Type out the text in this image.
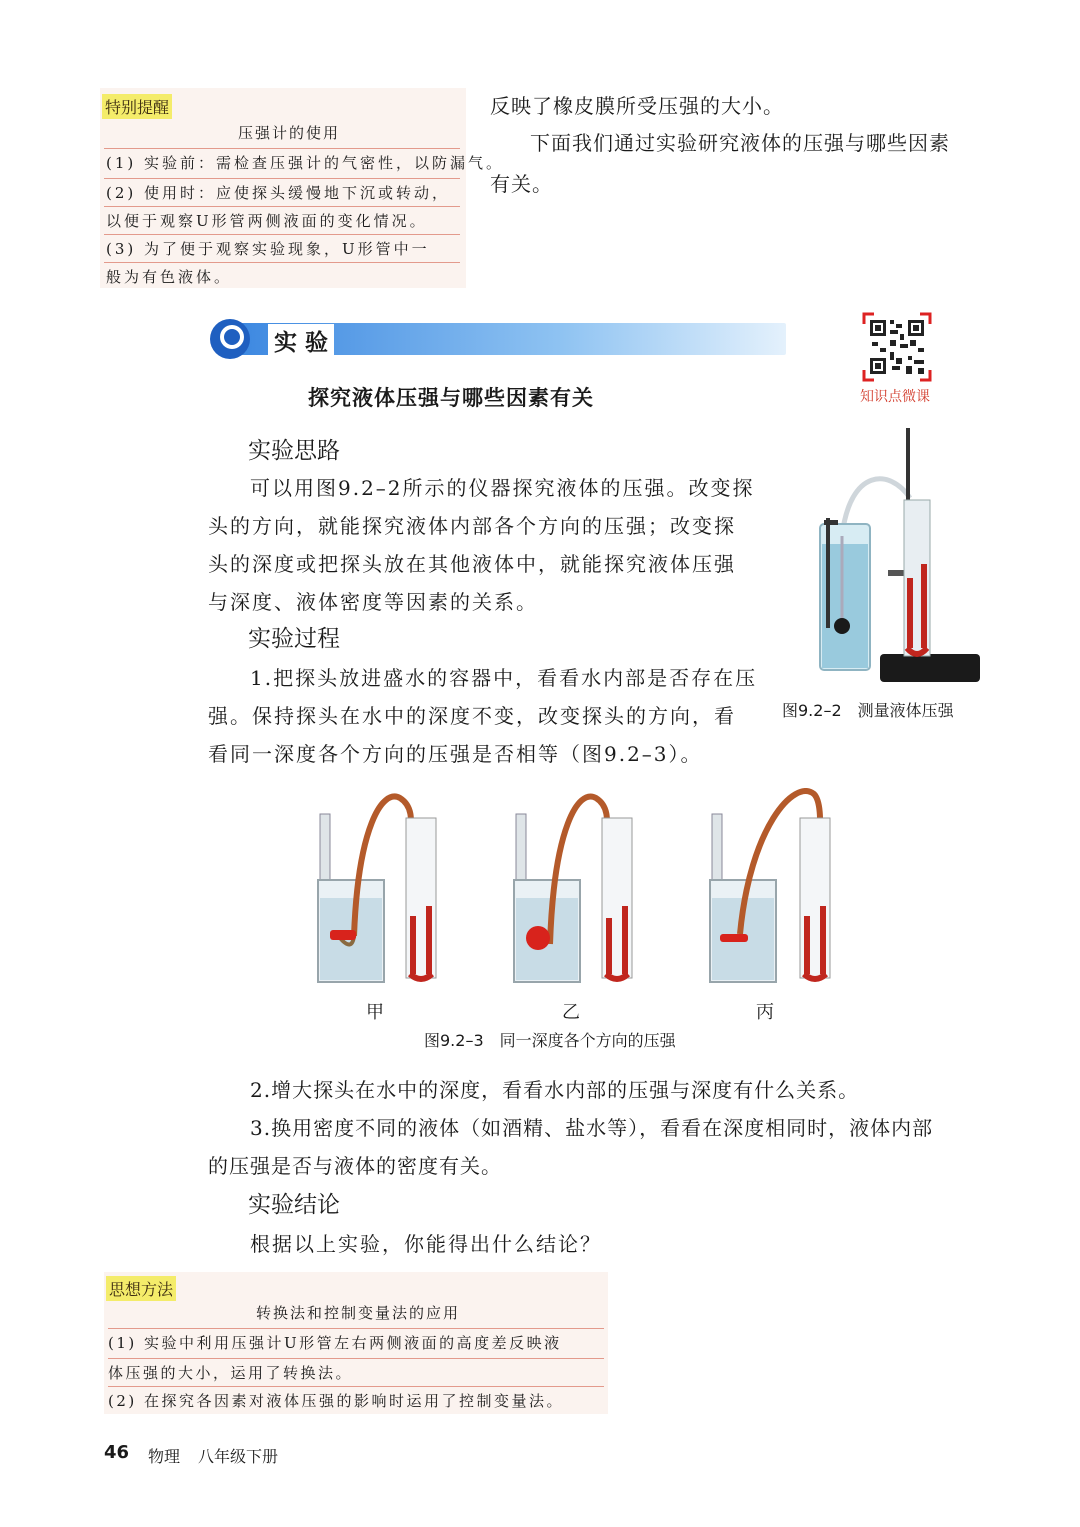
特别提醒
压强计的使用
(1) 实验前：需检查压强计的气密性，以防漏气。
(2) 使用时：应使探头缓慢地下沉或转动，
以便于观察U形管两侧液面的变化情况。
(3) 为了便于观察实验现象，U形管中一
般为有色液体。
反映了橡皮膜所受压强的大小。
下面我们通过实验研究液体的压强与哪些因素
有关。
实 验
知识点微课
探究液体压强与哪些因素有关
实验思路
可以用图9.2–2所示的仪器探究液体的压强。改变探
头的方向，就能探究液体内部各个方向的压强；改变探
头的深度或把探头放在其他液体中，就能探究液体压强
与深度、液体密度等因素的关系。
实验过程
1.把探头放进盛水的容器中，看看水内部是否存在压
强。保持探头在水中的深度不变，改变探头的方向，看
看同一深度各个方向的压强是否相等（图9.2–3）。
图9.2–2　测量液体压强
甲	乙	丙
图9.2–3　同一深度各个方向的压强
2.增大探头在水中的深度，看看水内部的压强与深度有什么关系。
3.换用密度不同的液体（如酒精、盐水等），看看在深度相同时，液体内部
的压强是否与液体的密度有关。
实验结论
根据以上实验，你能得出什么结论？
思想方法
转换法和控制变量法的应用
(1) 实验中利用压强计U形管左右两侧液面的高度差反映液
体压强的大小，运用了转换法。
(2) 在探究各因素对液体压强的影响时运用了控制变量法。
46 物理 八年级下册
